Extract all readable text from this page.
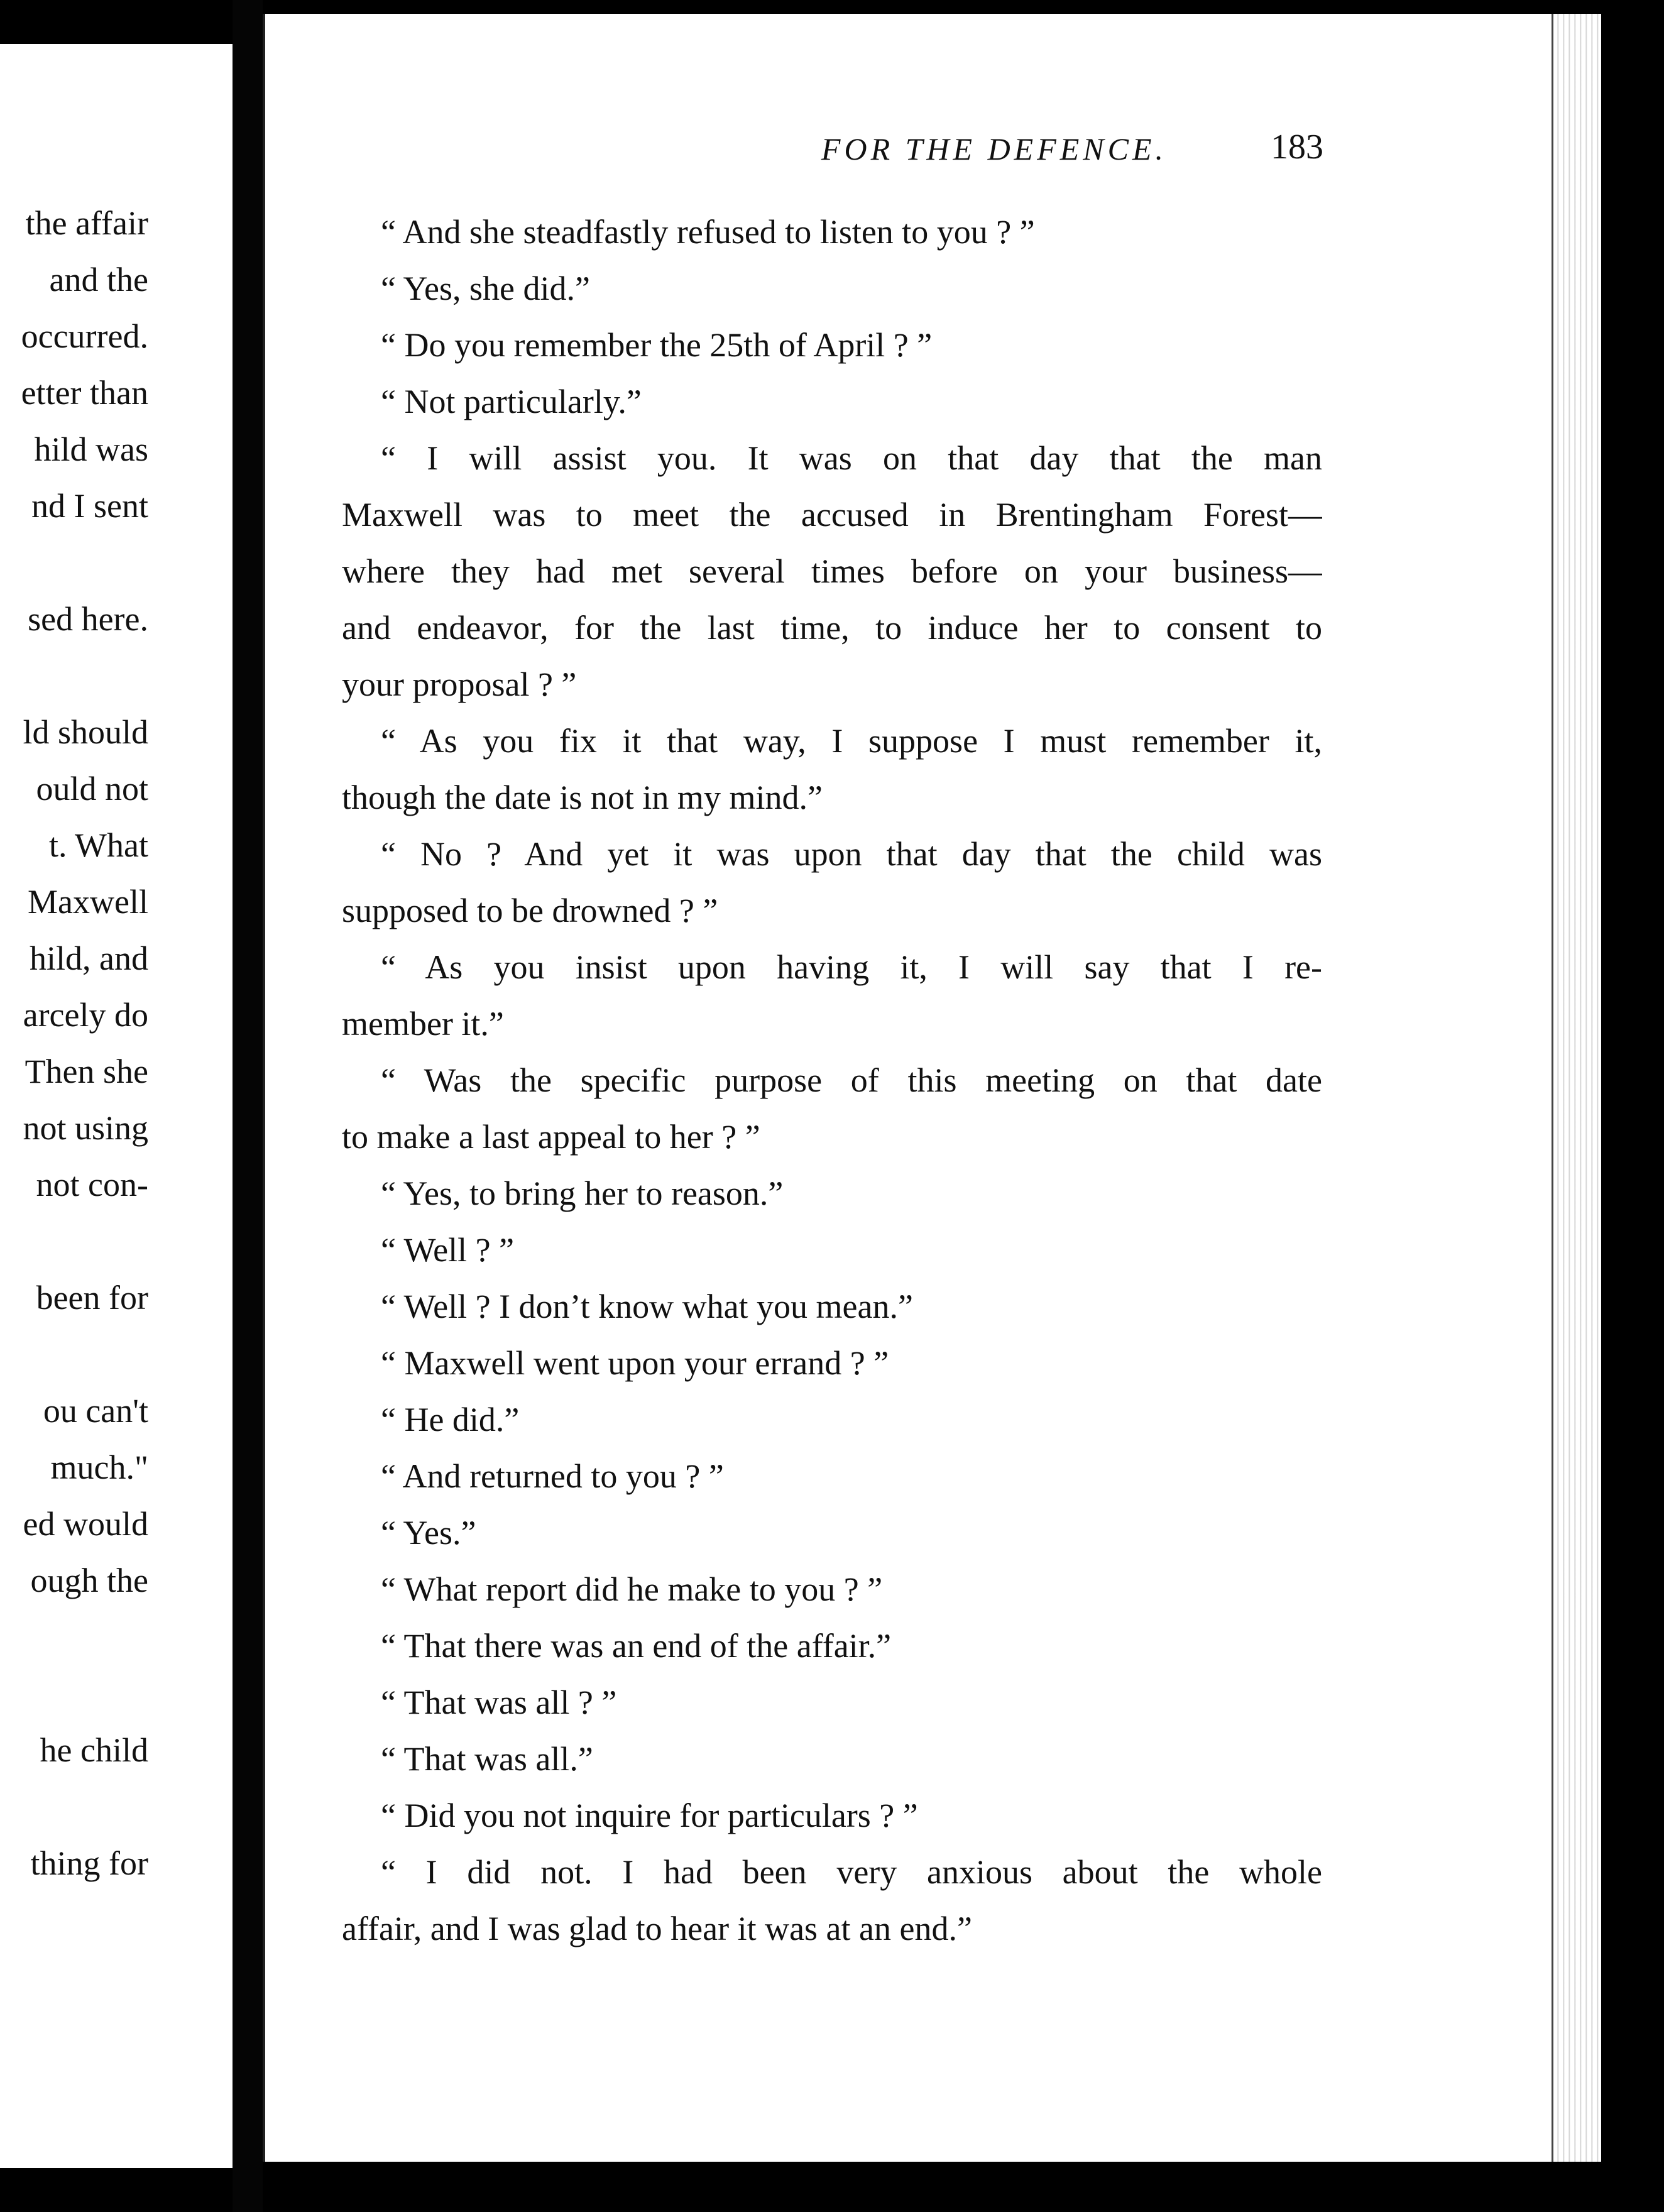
the affair
and the
occurred.
etter than
hild was
nd I sent
sed here.
ld should
ould not
t. What
Maxwell
hild, and
arcely do
Then she
not using
not con-
been for
ou can't
much."
ed would
ough the
he child
thing for
FOR THE DEFENCE.	183
“ And she steadfastly refused to listen to you ? ”
“ Yes, she did.”
“ Do you remember the 25th of April ? ”
“ Not particularly.”
“ I will assist you. It was on that day that the man
Maxwell was to meet the accused in Brentingham Forest—
where they had met several times before on your business—
and endeavor, for the last time, to induce her to consent to
your proposal ? ”
“ As you fix it that way, I suppose I must remember it,
though the date is not in my mind.”
“ No ? And yet it was upon that day that the child was
supposed to be drowned ? ”
“ As you insist upon having it, I will say that I re-
member it.”
“ Was the specific purpose of this meeting on that date
to make a last appeal to her ? ”
“ Yes, to bring her to reason.”
“ Well ? ”
“ Well ? I don’t know what you mean.”
“ Maxwell went upon your errand ? ”
“ He did.”
“ And returned to you ? ”
“ Yes.”
“ What report did he make to you ? ”
“ That there was an end of the affair.”
“ That was all ? ”
“ That was all.”
“ Did you not inquire for particulars ? ”
“ I did not. I had been very anxious about the whole
affair, and I was glad to hear it was at an end.”
